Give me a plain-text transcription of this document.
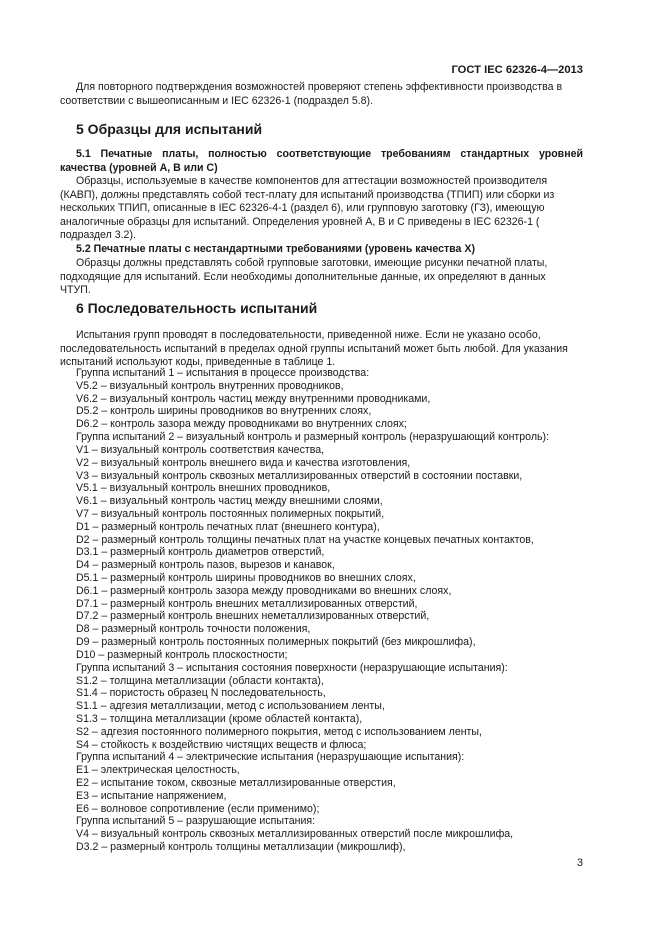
ГОСТ IEC 62326-4—2013
Для повторного подтверждения возможностей проверяют степень эффективности производства в
соответствии с вышеописанным и IEC 62326-1 (подраздел 5.8).
5 Образцы для испытаний
5.1 Печатные платы, полностью соответствующие требованиям стандартных уровней
качества (уровней А, В или С)
Образцы, используемые в качестве компонентов для аттестации возможностей производителя
(КАВП), должны представлять собой тест-плату для испытаний производства (ТПИП) или сборки из
нескольких ТПИП, описанные в IEC 62326-4-1 (раздел 6), или групповую заготовку (ГЗ), имеющую
аналогичные образцы для испытаний. Определения уровней А, В и С приведены в IEC 62326-1 (
подраздел 3.2).
5.2 Печатные платы с нестандартными требованиями (уровень качества X)
Образцы должны представлять собой групповые заготовки, имеющие рисунки печатной платы,
подходящие для испытаний. Если необходимы дополнительные данные, их определяют в данных
ЧТУП.
6 Последовательность испытаний
Испытания групп проводят в последовательности, приведенной ниже. Если не указано особо,
последовательность испытаний в пределах одной группы испытаний может быть любой. Для указания
испытаний используют коды, приведенные в таблице 1.
Группа испытаний 1 – испытания в процессе производства:
V5.2 – визуальный контроль внутренних проводников,
V6.2 – визуальный контроль частиц между внутренними проводниками,
D5.2 – контроль ширины проводников во внутренних слоях,
D6.2 – контроль зазора между проводниками во внутренних слоях;
Группа испытаний 2 – визуальный контроль и размерный контроль (неразрушающий контроль):
V1 – визуальный контроль соответствия качества,
V2 – визуальный контроль внешнего вида и качества изготовления,
V3 – визуальный контроль сквозных металлизированных отверстий в состоянии поставки,
V5.1 – визуальный контроль внешних проводников,
V6.1 – визуальный контроль частиц между внешними слоями,
V7 – визуальный контроль постоянных полимерных покрытий,
D1 – размерный контроль печатных плат (внешнего контура),
D2 – размерный контроль толщины печатных плат на участке концевых печатных контактов,
D3.1 – размерный контроль диаметров отверстий,
D4 – размерный контроль пазов, вырезов и канавок,
D5.1 – размерный контроль ширины проводников во внешних слоях,
D6.1 – размерный контроль зазора между проводниками во внешних слоях,
D7.1 – размерный контроль внешних металлизированных отверстий,
D7.2 – размерный контроль внешних неметаллизированных отверстий,
D8 – размерный контроль точности положения,
D9 – размерный контроль постоянных полимерных покрытий (без микрошлифа),
D10 – размерный контроль плоскостности;
Группа испытаний 3 – испытания состояния поверхности (неразрушающие испытания):
S1.2 – толщина металлизации (области контакта),
S1.4 – пористость образец N последовательность,
S1.1 – адгезия металлизации, метод с использованием ленты,
S1.3 – толщина металлизации (кроме областей контакта),
S2 – адгезия постоянного полимерного покрытия, метод с использованием ленты,
S4 – стойкость к воздействию чистящих веществ и флюса;
Группа испытаний 4 – электрические испытания (неразрушающие испытания):
E1 – электрическая целостность,
E2 – испытание током, сквозные металлизированные отверстия,
E3 – испытание напряжением,
E6 – волновое сопротивление (если применимо);
Группа испытаний 5 – разрушающие испытания:
V4 – визуальный контроль сквозных металлизированных отверстий после микрошлифа,
D3.2 – размерный контроль толщины металлизации (микрошлиф),
3
